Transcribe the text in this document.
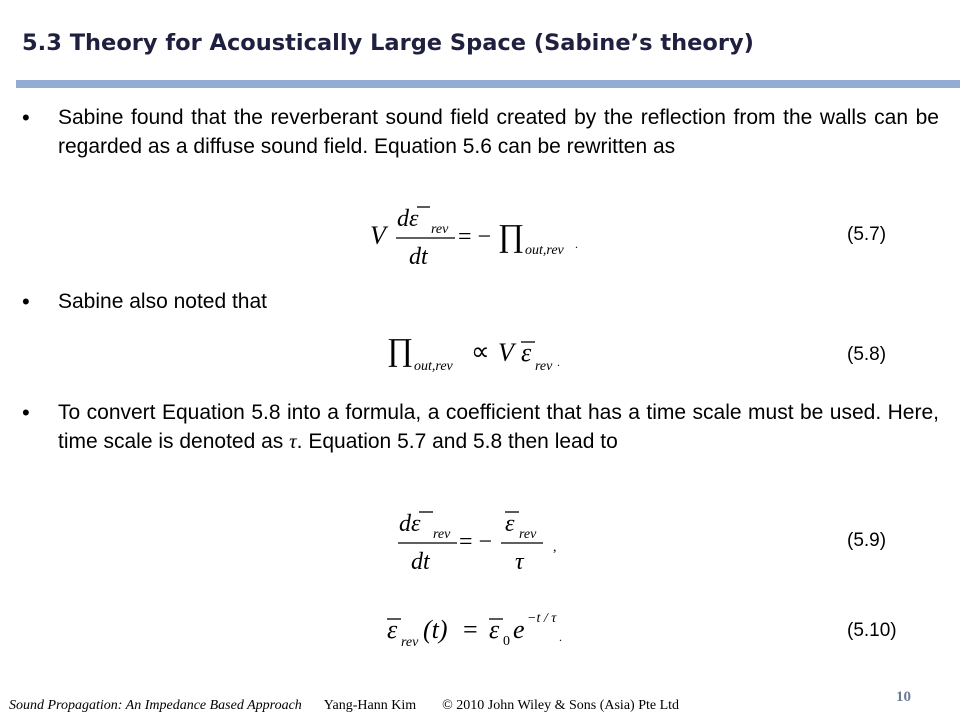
5.3 Theory for Acoustically Large Space (Sabine’s theory)
• Sabine found that the reverberant sound field created by the reflection from the walls can be regarded as a diffuse sound field. Equation 5.6 can be rewritten as
V
dε rev
dt
= − ∏ out,rev .	(5.7)
• Sabine also noted that
∏ out,rev
∝ V ε rev .	(5.8)
• To convert Equation 5.8 into a formula, a coefficient that has a time scale must be used. Here, time scale is denoted as τ. Equation 5.7 and 5.8 then lead to
dε rev
dt
= −
ε rev
τ
,	(5.9)
ε rev (t) = ε 0 e −t / τ
.	(5.10)
Sound Propagation: An Impedance Based Approach Yang-Hann Kim © 2010 John Wiley & Sons (Asia) Pte Ltd
10
